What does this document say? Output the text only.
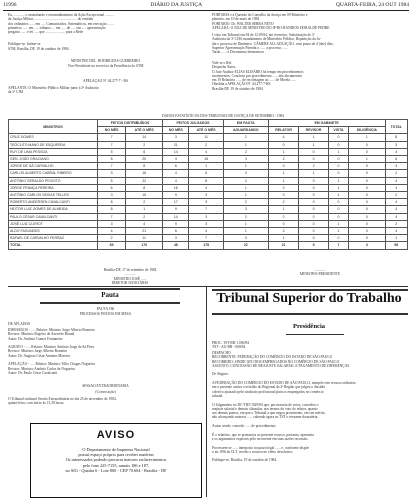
11996	DIÁRIO DA JUSTIÇA	QUARTA-FEIRA, 24 OUT 1984
Eu, ............ o assinalando e encaminhamento da Ação Excepcional ..........
da Justiça Militar, ............................................... do emitido
dos ordinários ...... em ..... Comunicados, Sistemáticos, em execução .......
primeiros ...... em ..... tributos .... em ..... de ..... em ..... apresentação
pregaria ...... e lei ..... que ...................... para a Rede
Publique-se. Intime-se.
STM, Brasília, DF, 19 de outubro de 1984.
MINISTRO DEL. RODRIGUES GUERREIRO
Vice-Presidente no exercício da Presidência do STM
APELAÇÃO Nº 44.277-7 - RS
APELANTE: O Ministério Público Militar junto à 3ª Auditoria
da 3ª CJM
PORTARIA e a Questão do Conselho da Justiça em 09 Relatório e
plenário, em 10 de maio de 1984
PORTARIO: Dr. WALTER SERRA NETO
APELADA: O JUIZ DE MINISTRO DO IP-RO-RANDIOS DORALDE PEDRE
I visto em Tribunal em 04 de 12.09.84, em fevereiro, Substituição do 3º
Auditoria da 3ª CJM, mandamento de Ministério Público, Repartição da Ju-
dia o processo de Dinâmico. CÂMERE ALLADLAÇÃO, com prazo de 4 (dez) dias,
Superior Apresentação Fitenda o ...... a processo ......
Tardo ...... a Documento desmancou
Vale-se o Rel.
Despacho Autos.
O Juiz-Auditor ELIAS ELISÁRIO há tempo em procedimentos
movimentos, Concluso por procedimento ...... dos documentos
em 19 Relatório ...... de recoletagem ao ...... de Moeda ......
Obedida a APELAÇÃO Nº 44.277-7-RS
Brasília-DF, 19 de outubro de 1984
DADOS ESTATÍSTICOS DOS TRIBUNAIS DE JUSTIÇA DE SETEMBRO / 1984
MINISTROS	FEITOS DISTRIBUÍDOS		FEITOS JULGADOS		EM PAUTA	EM GABINETE				TOTAL
	NO MÊS	ATÉ O MÊS	NO MÊS	ATÉ O MÊS	AGUARDANDO	RELATOR	REVISOR	VISTA	DILIGÊNCIA	
CRUZ GOMES	7	14	3	11	2	4	1	0	1	8
TEÓCLITO MANO DE ESQUERDA	7	2	21	2	1	0	1	0	0	3
RUY DE LIMA PESSOA	5	8	14	4	2	1	0	1	0	4
GEN. JOÃO GRACIANO	8	20	4	15	3	2	0	0	1	6
JORGE DE SÁ CARVALHO	7	8	6	1	1	0	2	0	0	3
CARLOS ALBERTO CABRAL RIBEIRO	9	16	4	6	0	1	1	0	0	2
ANTÔNIO GERALDO PEIXOTO	5	22	4	8	2	1	0	1	0	4
JORGE FRANÇA PEREIRA	6	8	16	4	1	2	0	1	0	4
ANTÔNIO CARLOS SEIXAS TELLES	3	15	9	3	1	0	0	1	0	2
ROBERTO ANDERSEN CAVALCANTI	8	2	17	3	2	2	0	0	0	4
HEITOR LUIZ GOMES DE ALMEIDA	8	1	9	7	3	1	0	0	0	4
PAULO CÉSAR CAVALCANTI	7	2	14	3	2	2	0	0	0	4
JOSÉ LUIZ CLEROT	3	4	9	3	1	0	0	1	0	2
ALDO FAGUNDES	4	21	6	4	1	2	0	1	0	4
RAFAEL DE CARVALHO FERRAZ	2	11	3	7	0	1	0	0	0	1
TOTAL	89	170	48	178	22	21	5	7	3	58
Brasília-DF, 17 de setembro de 1984
............
MINISTRO JOSÉ ......
DIRETOR JUDICIÁRIO
............
MINISTRO-PRESIDENTE
Pauta
PAUTA 186
PROCESSOS POSTOS EM MESA
DE AFLADOS
EMBARGOS - ..... Relator: Ministro Jorge Alberto Romeiro
Revisor: Ministro Rogério de Azevedo Brandi
Autor: Dr. Antônio Gomes Fontaneiro

AGRAVO - ..... Relator: Ministro Antônio Jorge de Sá Pires
Revisor: Ministro Jorge Alberto Romeiro
Autor: Dr. Augusto César Antunes Moreira

APELAÇÃO - ..... Relator: Ministro Túlio Chagas Nogueira
Revisor: Ministro Antônio Carlos de Nogueira
Autor: Dr. Paulo César Cavalcanti
SESSÃO EXTRAORDINÁRIA
(Convocação)
O Tribunal realizará Sessão Extraordinária no dia 25 de novembro de 1984,
quinta-feira, com início às 13,30 horas.
AVISO
O Departamento de Imprensa Nacional
possui espaço próprio para receber matérias
Os interessados poderão procurar maiores esclarecimentos
pelo fone 225-7155, ramais 186 e 187,
no SIG - Quadra 6 - Lote 800 - CEP 70.604 - Brasília - DF
Tribunal Superior do Trabalho
Presidência
PROC. TST-RR-1.000/84
TST - AG-RR - 000/84
DESPACHO
RECORRENTE: FEDERAÇÃO DO COMÉRCIO DO ESTADO DE SÃO PAULO
RECORRIDO: SINDICATO DOS EMPREGADOS NO COMÉRCIO DE SÃO PAULO
ASSUNTO: CONCESSÃO DE REAJUSTE SALARIAL E PAGAMENTO DE DIFERENÇAS

Dr. Regino.

A FEDERAÇÃO DO COMÉRCIO DO ESTADO DE SÃO PAULO, interpõe este recurso ordinário
em o presente contra o acórdão do Regional da 2ª Região que julgou o dissídio
coletivo ajuizado pelo sindicato profissional para os empregados no comércio
salarial.

O Julgamento no DC-TRT-1029/84 que, por maioria de votos, concedeu o
reajuste salarial e demais cláusulas, nos termos do voto do relator, quanto
aos demais pontos, em que o Tribunal a quo negou provimento, em seu mérito,
não alcançando maioria ...... cabendo agora ao TST o reexame da matéria.

Assim sendo, concedo ...... de procedimento.

É o relatório, que se pronuncia ao presente recurso, portanto, apresenta
e os argumentos expostos pelo recorrente em suas razões recursais.

Processem-se ...... interposto no prazo legal ...... e, conforme dispõe
o art. 896 da CLT, recebo o recurso no efeito devolutivo.

Publique-se. Brasília, 19 de outubro de 1984.
